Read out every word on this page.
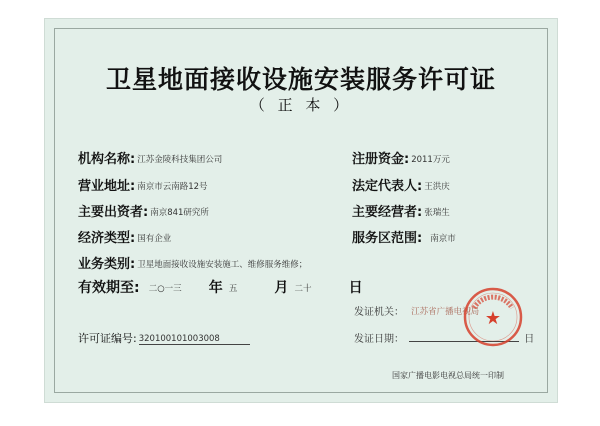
卫星地面接收设施安装服务许可证
（ 正 本 ）
机构名称: 江苏金陵科技集团公司	注册资金: 2011万元
营业地址: 南京市云南路12号	法定代表人: 王洪庆
主要出资者: 南京841研究所	主要经营者: 张瑞生
经济类型: 国有企业	服务区范围: 南京市
业务类别: 卫星地面接收设施安装施工、维修服务维修；
有效期至: 二○一三 年 五	月 二十	日
发证机关： 江苏省广播电视局
许可证编号: 320100101003008	发证日期：	日
国家广播电影电视总局统一印制
★
